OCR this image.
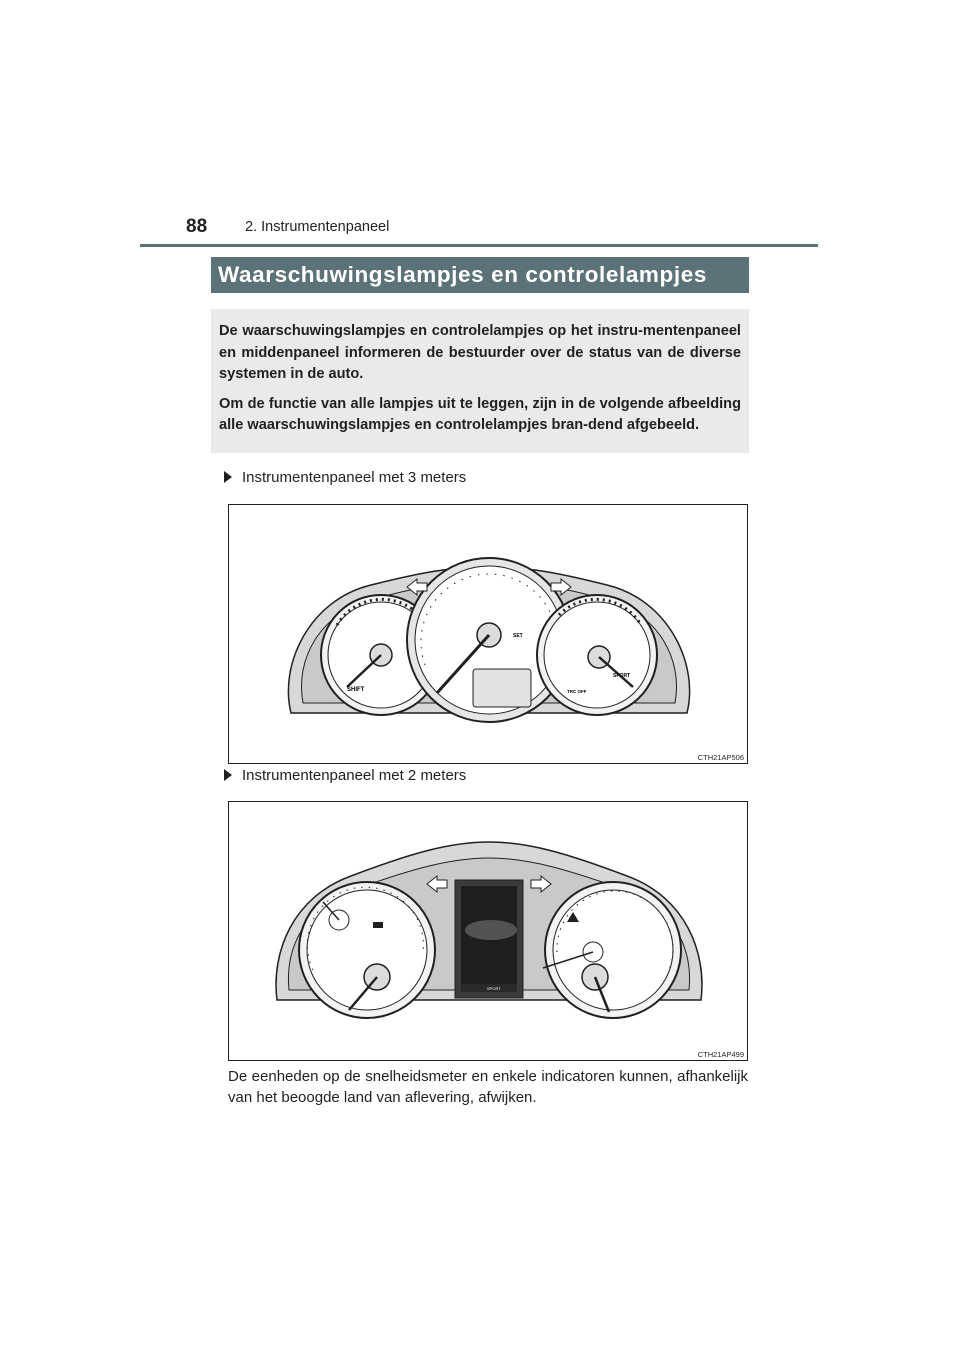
88	2. Instrumentenpaneel
Waarschuwingslampjes en controlelampjes

De waarschuwingslampjes en controlelampjes op het instru-mentenpaneel en middenpaneel informeren de bestuurder over de status van de diverse systemen in de auto.

Om de functie van alle lampjes uit te leggen, zijn in de volgende afbeelding alle waarschuwingslampjes en controlelampjes bran-dend afgebeeld.

Instrumentenpaneel met 3 meters
SHIFT
SET
SPORT
TRC OFF
CTH21AP506
Instrumentenpaneel met 2 meters
SPORT
CTH21AP499
De eenheden op de snelheidsmeter en enkele indicatoren kunnen, afhankelijk van het beoogde land van aflevering, afwijken.
